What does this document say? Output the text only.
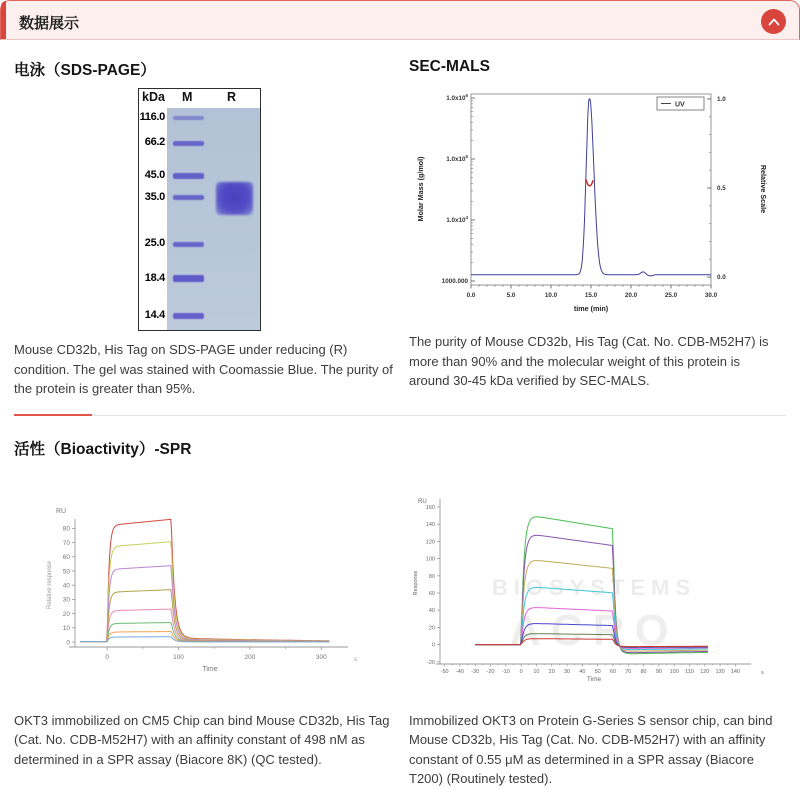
数据展示
电泳（SDS-PAGE）
kDa M	R
116.0
66.2
45.0
35.0
25.0
18.4
14.4

Mouse CD32b, His Tag on SDS-PAGE under reducing (R) condition. The gel was stained with Coomassie Blue. The purity of the protein is greater than 95%.

SEC-MALS
$1.0x10^6$
$1.0x10^5$
$1.0x10^4$
1000.000
1.0
0.5
0.0
0.0	5.0	10.0	15.0	20.0	25.0	30.0
Molar Mass (g/mol)	Relative Scale
time (min)
UV

The purity of Mouse CD32b, His Tag (Cat. No. CDB-M52H7) is more than 90% and the molecular weight of this protein is around 30-45 kDa verified by SEC-MALS.

活性（Bioactivity）-SPR
0
10
20
30
40
50
60
70
80
0	100	200	300
RU
Relative response
Time
s

OKT3 immobilized on CM5 Chip can bind Mouse CD32b, His Tag (Cat. No. CDB-M52H7) with an affinity constant of 498 nM as determined in a SPR assay (Biacore 8K) (QC tested).

BIOSYSTEMS
ACRO
-20
0
20
40
60
80
100
120
140
160
-50 -40 -30 -20 -10 0 10 20 30 40 50 60 70 80 90 100 110 120 130 140
RU
Response
Time
s

Immobilized OKT3 on Protein G-Series S sensor chip, can bind Mouse CD32b, His Tag (Cat. No. CDB-M52H7) with an affinity constant of 0.55 μM as determined in a SPR assay (Biacore T200) (Routinely tested).
